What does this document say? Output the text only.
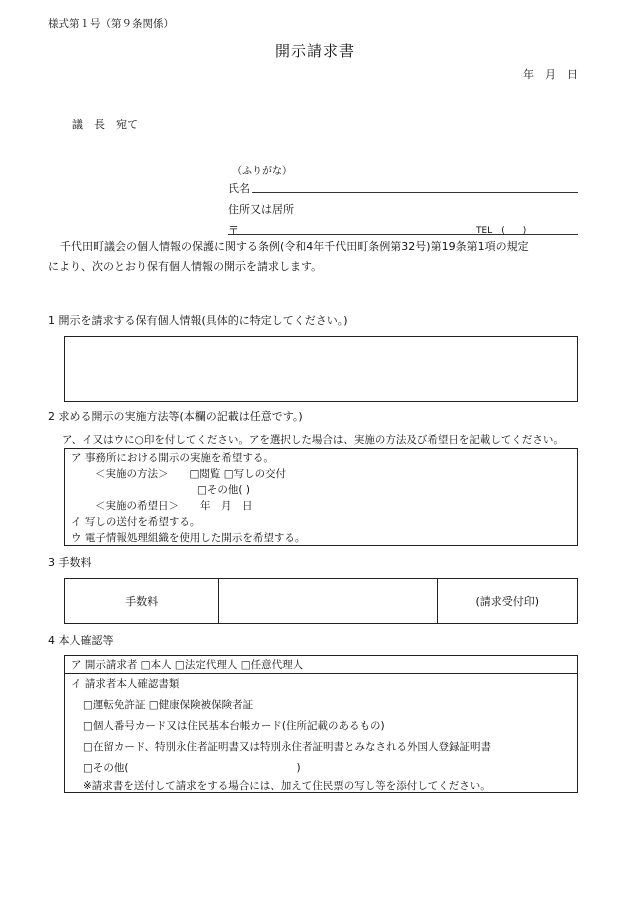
様式第１号（第９条関係）
開示請求書
年　月　日
議　長　宛て
（ふりがな）
氏名
住所又は居所
〒	TEL　(　　)
千代田町議会の個人情報の保護に関する条例(令和4年千代田町条例第32号)第19条第1項の規定
により、次のとおり保有個人情報の開示を請求します。
1 開示を請求する保有個人情報(具体的に特定してください。)
2 求める開示の実施方法等(本欄の記載は任意です。)
ア、イ又はウに○印を付してください。アを選択した場合は、実施の方法及び希望日を記載してください。
ア 事務所における開示の実施を希望する。
＜実施の方法＞　　□閲覧 □写しの交付
□その他( )
＜実施の希望日＞　　年　月　日
イ 写しの送付を希望する。
ウ 電子情報処理組織を使用した開示を希望する。
3 手数料
手数料	(請求受付印)
4 本人確認等
ア 開示請求者 □本人 □法定代理人 □任意代理人
イ 請求者本人確認書類
□運転免許証 □健康保険被保険者証
□個人番号カード又は住民基本台帳カード(住所記載のあるもの)
□在留カード、特別永住者証明書又は特別永住者証明書とみなされる外国人登録証明書
□その他(　　　　　　　　　　　　　　　　)
※請求書を送付して請求をする場合には、加えて住民票の写し等を添付してください。
